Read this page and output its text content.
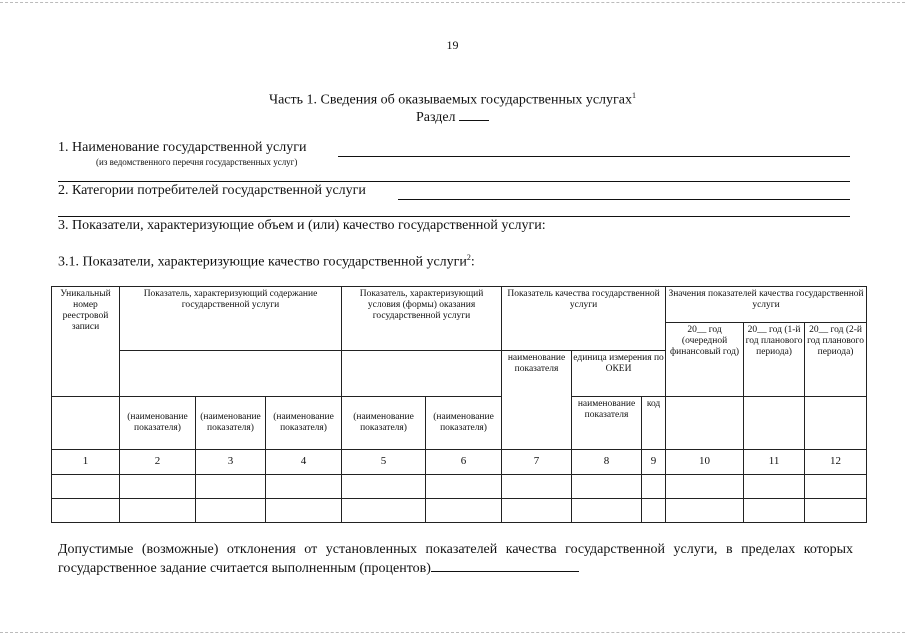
19
Часть 1. Сведения об оказываемых государственных услугах$^1$
Раздел
1. Наименование государственной услуги
(из ведомственного перечня государственных услуг)
2. Категории потребителей государственной услуги
3. Показатели, характеризующие объем и (или) качество государственной услуги:
3.1. Показатели, характеризующие качество государственной услуги$^2$:
Уникальный номер реестровой записи	Показатель, характеризующий содержание государственной услуги			Показатель, характеризующий условия (формы) оказания государственной услуги		Показатель качества государственной услуги			Значения показателей качества государственной услуги		
									20__ год (очередной финансовый год)	20__ год (1-й год планового периода)	20__ год (2-й год планового периода)
						наименование показателя	единица измерения по ОКЕИ				
	(наименование показателя)	(наименование показателя)	(наименование показателя)	(наименование показателя)	(наименование показателя)		наименование показателя	код			
1	2	3	4	5	6	7	8	9	10	11	12

Допустимые (возможные) отклонения от установленных показателей качества государственной услуги, в пределах которых государственное задание считается выполненным (процентов)
